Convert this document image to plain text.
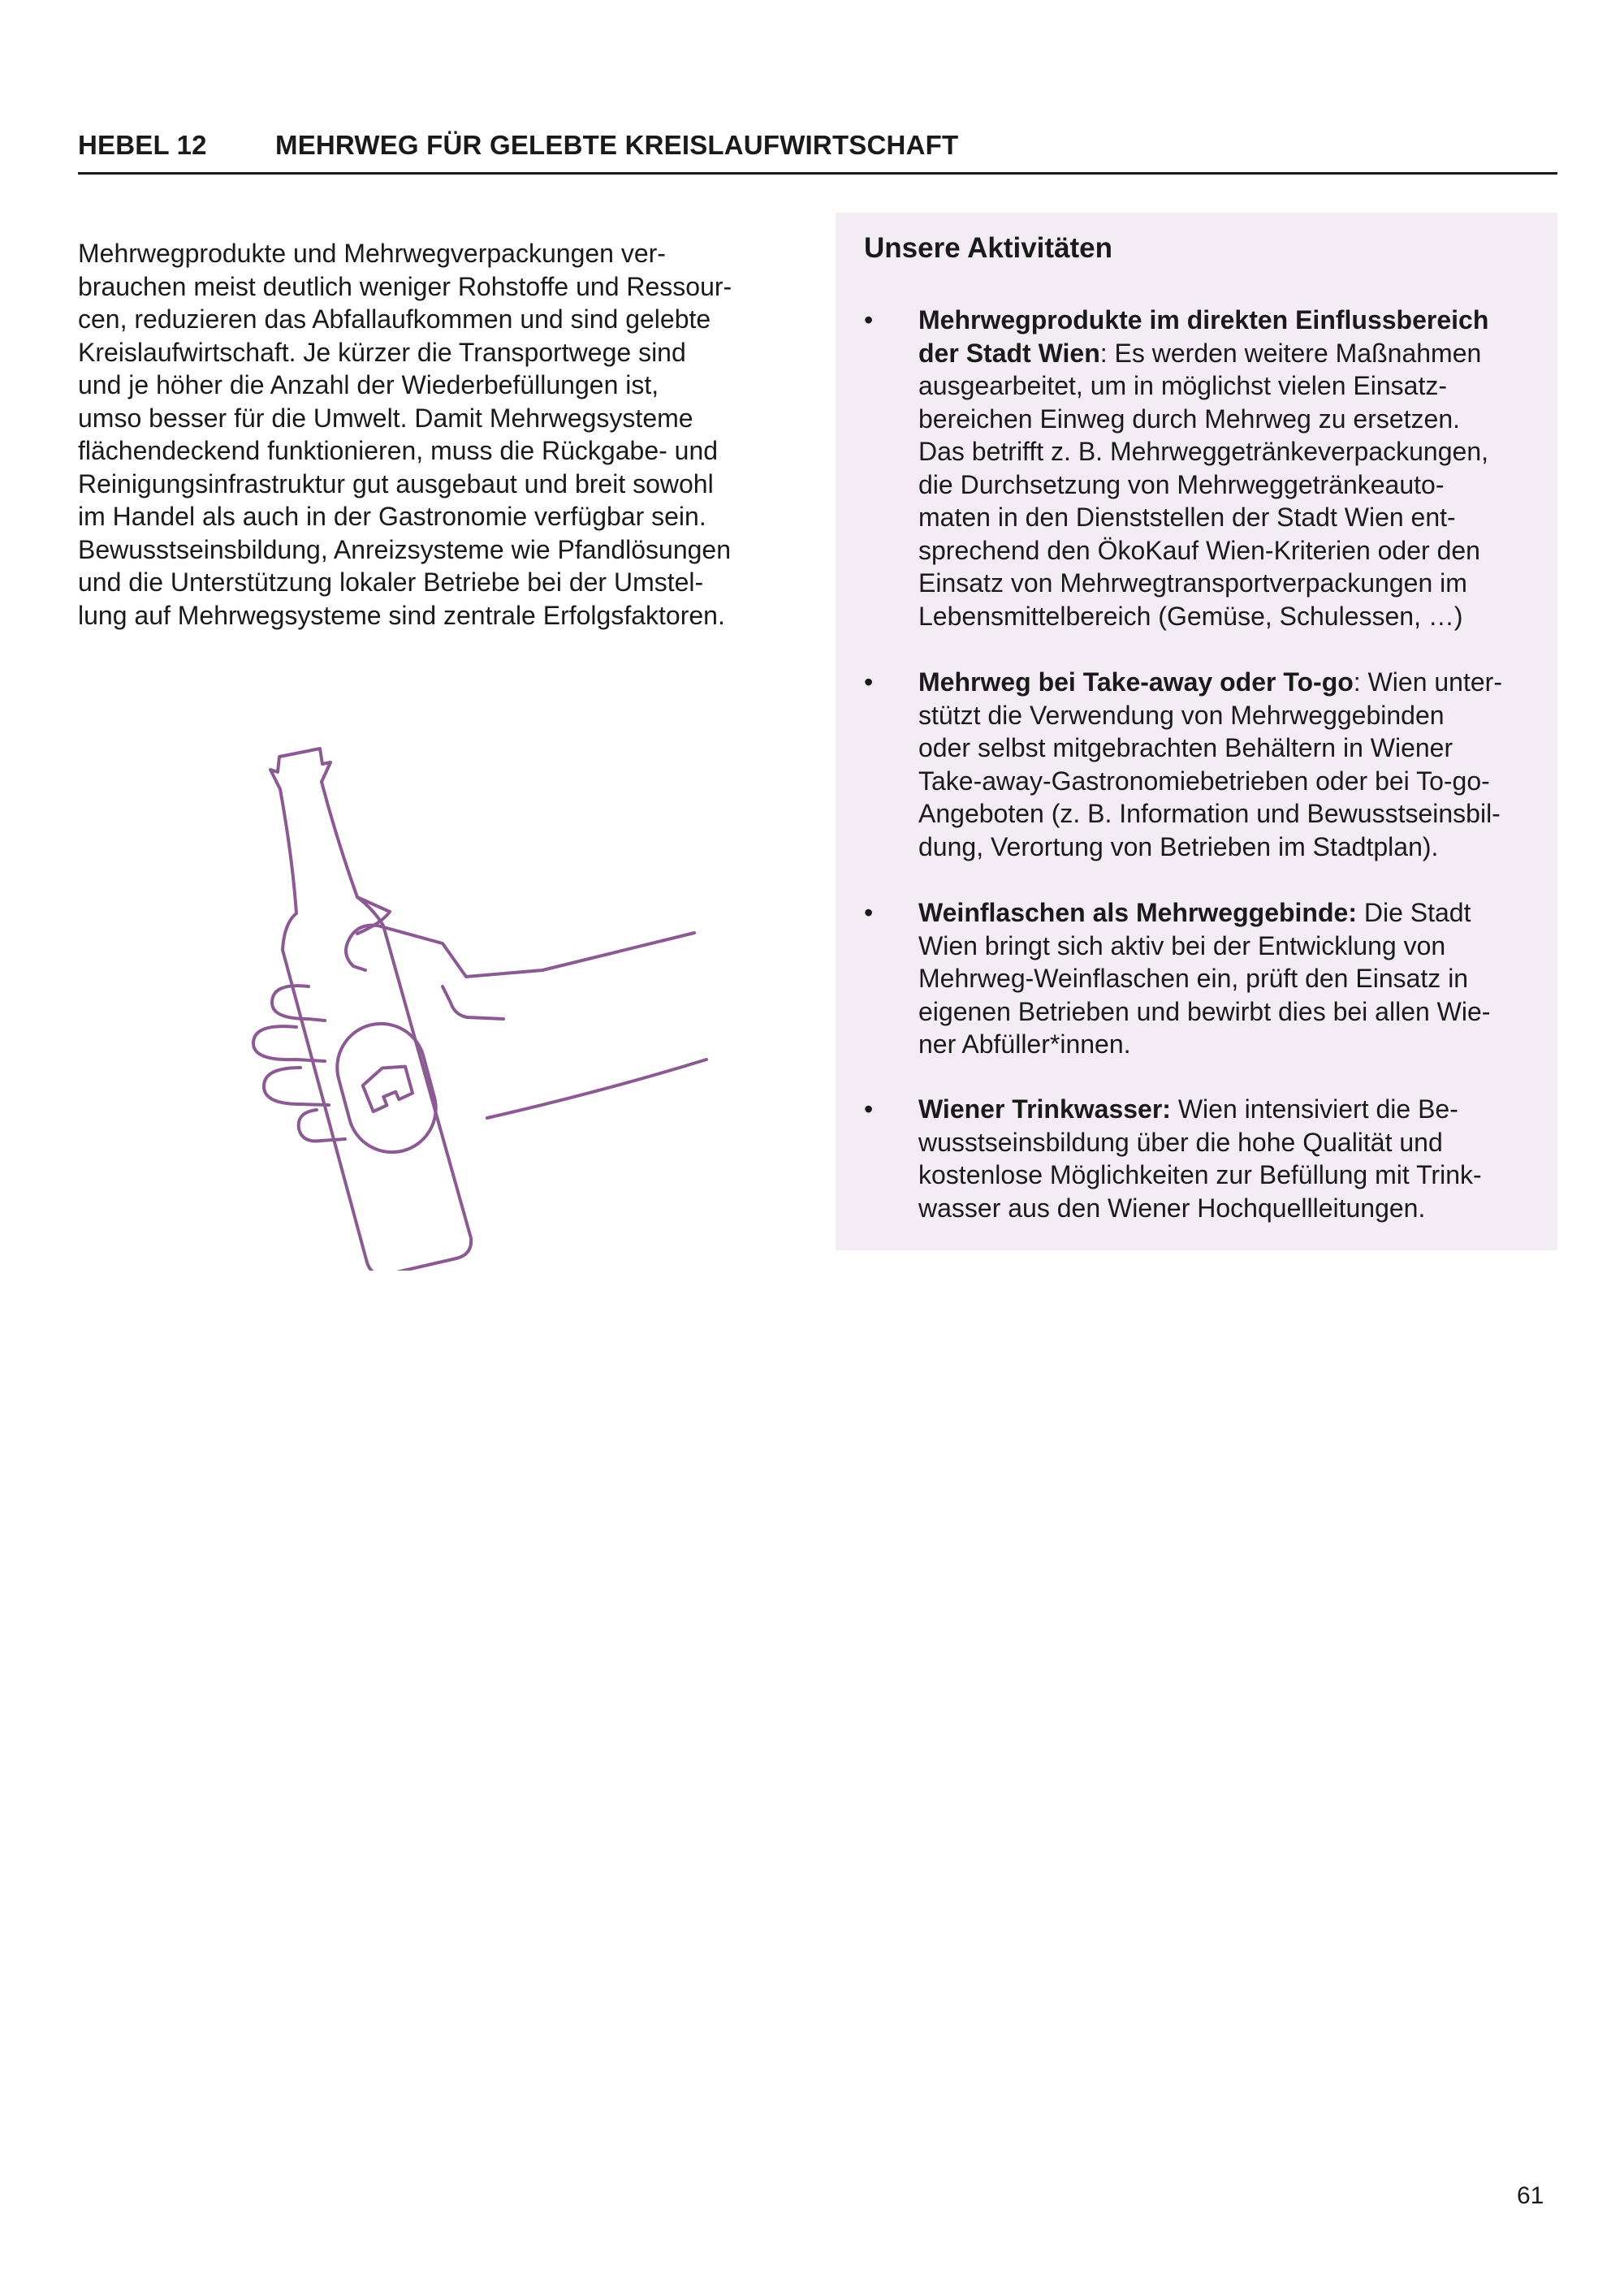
HEBEL 12	MEHRWEG FÜR GELEBTE KREISLAUFWIRTSCHAFT
Mehrwegprodukte und Mehrwegverpackungen ver-
brauchen meist deutlich weniger Rohstoffe und Ressour-
cen, reduzieren das Abfallaufkommen und sind gelebte
Kreislaufwirtschaft. Je kürzer die Transportwege sind
und je höher die Anzahl der Wiederbefüllungen ist,
umso besser für die Umwelt. Damit Mehrwegsysteme
flächendeckend funktionieren, muss die Rückgabe- und
Reinigungsinfrastruktur gut ausgebaut und breit sowohl
im Handel als auch in der Gastronomie verfügbar sein.
Bewusstseinsbildung, Anreizsysteme wie Pfandlösungen
und die Unterstützung lokaler Betriebe bei der Umstel-
lung auf Mehrwegsysteme sind zentrale Erfolgsfaktoren.
Unsere Aktivitäten
• Mehrwegprodukte im direkten Einflussbereich
der Stadt Wien: Es werden weitere Maßnahmen
ausgearbeitet, um in möglichst vielen Einsatz-
bereichen Einweg durch Mehrweg zu ersetzen.
Das betrifft z. B. Mehrweggetränkeverpackungen,
die Durchsetzung von Mehrweggetränkeauto-
maten in den Dienststellen der Stadt Wien ent-
sprechend den ÖkoKauf Wien-Kriterien oder den
Einsatz von Mehrwegtransportverpackungen im
Lebensmittelbereich (Gemüse, Schulessen, …)
• Mehrweg bei Take-away oder To-go: Wien unter-
stützt die Verwendung von Mehrweggebinden
oder selbst mitgebrachten Behältern in Wiener
Take-away-Gastronomiebetrieben oder bei To-go-
Angeboten (z. B. Information und Bewusstseinsbil-
dung, Verortung von Betrieben im Stadtplan).
• Weinflaschen als Mehrweggebinde: Die Stadt
Wien bringt sich aktiv bei der Entwicklung von
Mehrweg-Weinflaschen ein, prüft den Einsatz in
eigenen Betrieben und bewirbt dies bei allen Wie-
ner Abfüller*innen.
• Wiener Trinkwasser: Wien intensiviert die Be-
wusstseinsbildung über die hohe Qualität und
kostenlose Möglichkeiten zur Befüllung mit Trink-
wasser aus den Wiener Hochquellleitungen.
61
